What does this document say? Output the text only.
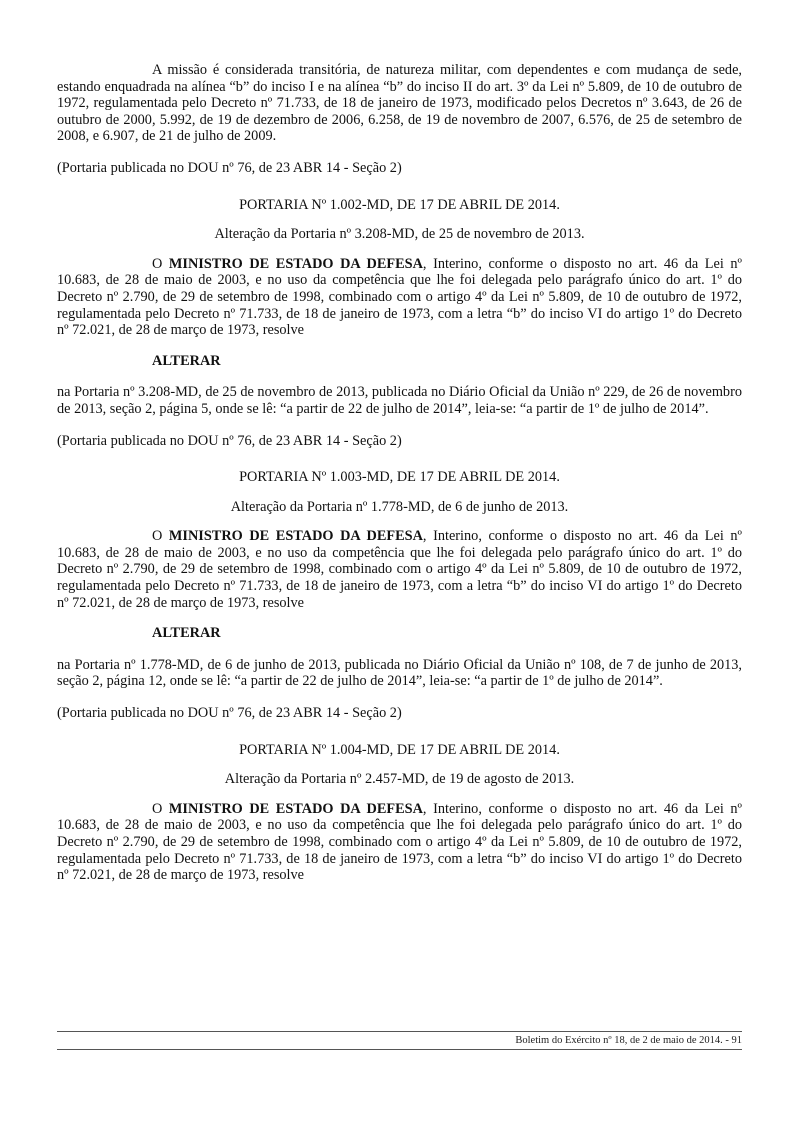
A missão é considerada transitória, de natureza militar, com dependentes e com mudança de sede, estando enquadrada na alínea “b” do inciso I e na alínea “b” do inciso II do art. 3º da Lei nº 5.809, de 10 de outubro de 1972, regulamentada pelo Decreto nº 71.733, de 18 de janeiro de 1973, modificado pelos Decretos nº 3.643, de 26 de outubro de 2000, 5.992, de 19 de dezembro de 2006, 6.258, de 19 de novembro de 2007, 6.576, de 25 de setembro de 2008, e 6.907, de 21 de julho de 2009.

(Portaria publicada no DOU nº 76, de 23 ABR 14 - Seção 2)

PORTARIA Nº 1.002-MD, DE 17 DE ABRIL DE 2014.

Alteração da Portaria nº 3.208-MD, de 25 de novembro de 2013.

O MINISTRO DE ESTADO DA DEFESA, Interino, conforme o disposto no art. 46 da Lei nº 10.683, de 28 de maio de 2003, e no uso da competência que lhe foi delegada pelo parágrafo único do art. 1º do Decreto nº 2.790, de 29 de setembro de 1998, combinado com o artigo 4º da Lei nº 5.809, de 10 de outubro de 1972, regulamentada pelo Decreto nº 71.733, de 18 de janeiro de 1973, com a letra “b” do inciso VI do artigo 1º do Decreto nº 72.021, de 28 de março de 1973, resolve

ALTERAR

na Portaria nº 3.208-MD, de 25 de novembro de 2013, publicada no Diário Oficial da União nº 229, de 26 de novembro de 2013, seção 2, página 5, onde se lê: “a partir de 22 de julho de 2014”, leia-se: “a partir de 1º de julho de 2014”.

(Portaria publicada no DOU nº 76, de 23 ABR 14 - Seção 2)

PORTARIA Nº 1.003-MD, DE 17 DE ABRIL DE 2014.

Alteração da Portaria nº 1.778-MD, de 6 de junho de 2013.

O MINISTRO DE ESTADO DA DEFESA, Interino, conforme o disposto no art. 46 da Lei nº 10.683, de 28 de maio de 2003, e no uso da competência que lhe foi delegada pelo parágrafo único do art. 1º do Decreto nº 2.790, de 29 de setembro de 1998, combinado com o artigo 4º da Lei nº 5.809, de 10 de outubro de 1972, regulamentada pelo Decreto nº 71.733, de 18 de janeiro de 1973, com a letra “b” do inciso VI do artigo 1º do Decreto nº 72.021, de 28 de março de 1973, resolve

ALTERAR

na Portaria nº 1.778-MD, de 6 de junho de 2013, publicada no Diário Oficial da União nº 108, de 7 de junho de 2013, seção 2, página 12, onde se lê: “a partir de 22 de julho de 2014”, leia-se: “a partir de 1º de julho de 2014”.

(Portaria publicada no DOU nº 76, de 23 ABR 14 - Seção 2)

PORTARIA Nº 1.004-MD, DE 17 DE ABRIL DE 2014.

Alteração da Portaria nº 2.457-MD, de 19 de agosto de 2013.

O MINISTRO DE ESTADO DA DEFESA, Interino, conforme o disposto no art. 46 da Lei nº 10.683, de 28 de maio de 2003, e no uso da competência que lhe foi delegada pelo parágrafo único do art. 1º do Decreto nº 2.790, de 29 de setembro de 1998, combinado com o artigo 4º da Lei nº 5.809, de 10 de outubro de 1972, regulamentada pelo Decreto nº 71.733, de 18 de janeiro de 1973, com a letra “b” do inciso VI do artigo 1º do Decreto nº 72.021, de 28 de março de 1973, resolve

Boletim do Exército nº 18, de 2 de maio de 2014. - 91
